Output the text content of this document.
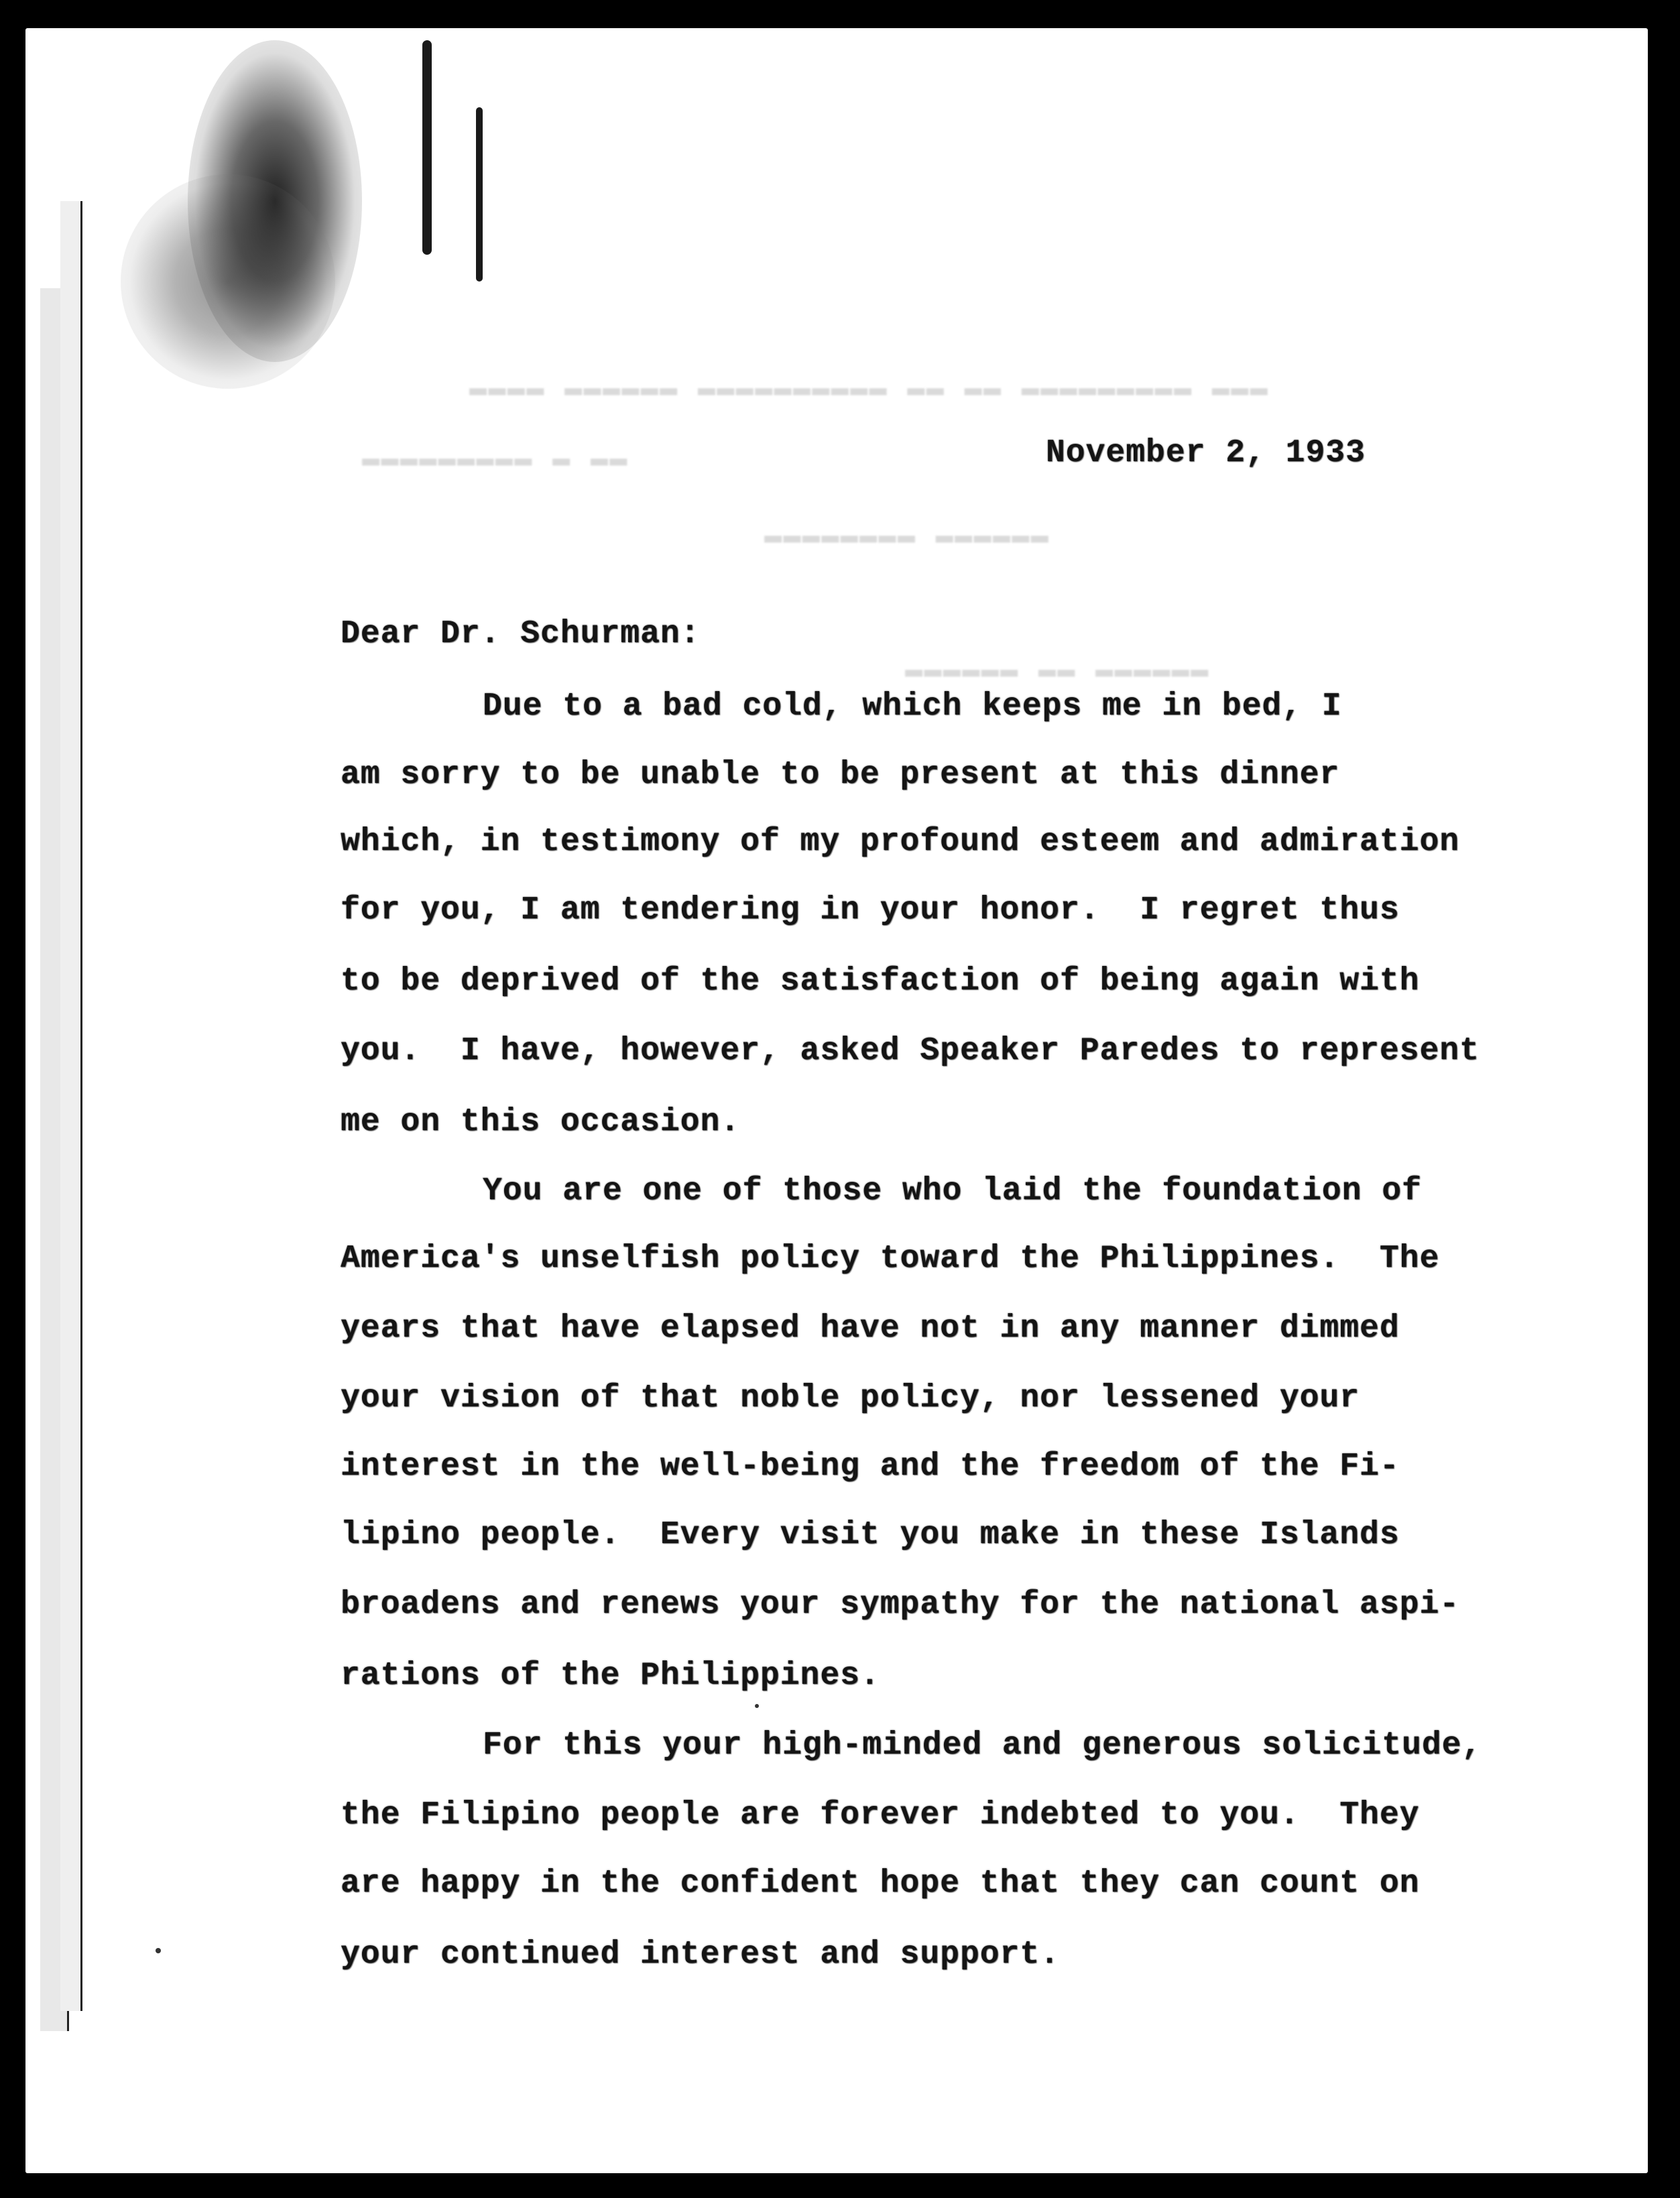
▬▬▬▬ ▬▬▬▬▬▬ ▬▬▬▬▬▬▬▬▬▬ ▬▬ ▬▬ ▬▬▬▬▬▬▬▬▬ ▬▬▬
▬▬▬▬▬▬▬▬▬ ▬ ▬▬
▬▬▬▬▬▬▬▬ ▬▬▬▬▬▬
▬▬▬▬▬▬ ▬▬ ▬▬▬▬▬▬
November 2, 1933
Dear Dr. Schurman:
Due to a bad cold, which keeps me in bed, I
am sorry to be unable to be present at this dinner
which, in testimony of my profound esteem and admiration
for you, I am tendering in your honor.  I regret thus
to be deprived of the satisfaction of being again with
you.  I have, however, asked Speaker Paredes to represent
me on this occasion.
You are one of those who laid the foundation of
America's unselfish policy toward the Philippines.  The
years that have elapsed have not in any manner dimmed
your vision of that noble policy, nor lessened your
interest in the well-being and the freedom of the Fi-
lipino people.  Every visit you make in these Islands
broadens and renews your sympathy for the national aspi-
rations of the Philippines.
For this your high-minded and generous solicitude,
the Filipino people are forever indebted to you.  They
are happy in the confident hope that they can count on
your continued interest and support.
